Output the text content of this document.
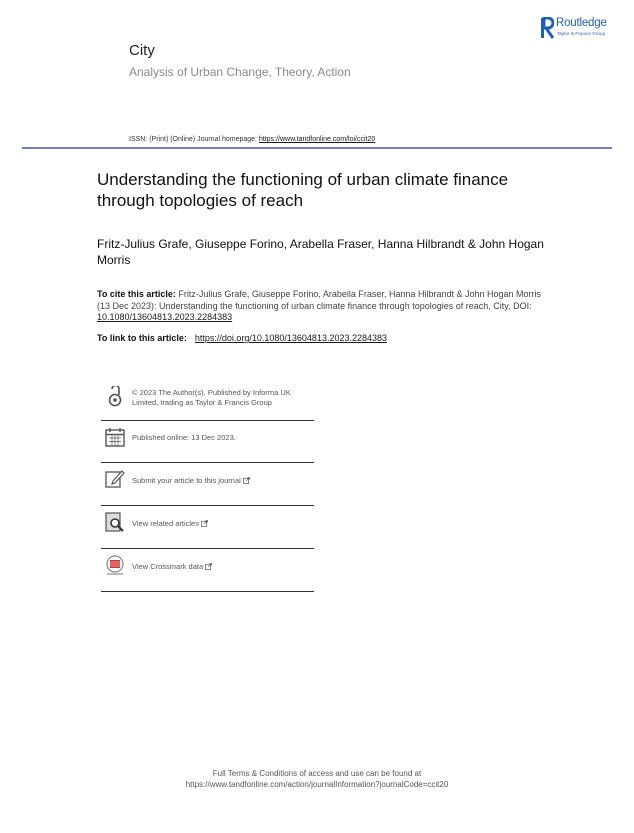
City
Analysis of Urban Change, Theory, Action
Routledge
Taylor & Francis Group
ISSN: (Print) (Online) Journal homepage: https://www.tandfonline.com/loi/ccit20
Understanding the functioning of urban climate finance through topologies of reach
Fritz-Julius Grafe, Giuseppe Forino, Arabella Fraser, Hanna Hilbrandt & John Hogan Morris
To cite this article: Fritz-Julius Grafe, Giuseppe Forino, Arabella Fraser, Hanna Hilbrandt & John Hogan Morris (13 Dec 2023): Understanding the functioning of urban climate finance through topologies of reach, City, DOI: 10.1080/13604813.2023.2284383
To link to this article: https://doi.org/10.1080/13604813.2023.2284383
© 2023 The Author(s). Published by Informa UK Limited, trading as Taylor & Francis Group
Published online: 13 Dec 2023.
Submit your article to this journal
View related articles
View Crossmark data
Full Terms & Conditions of access and use can be found at
https://www.tandfonline.com/action/journalInformation?journalCode=ccit20
